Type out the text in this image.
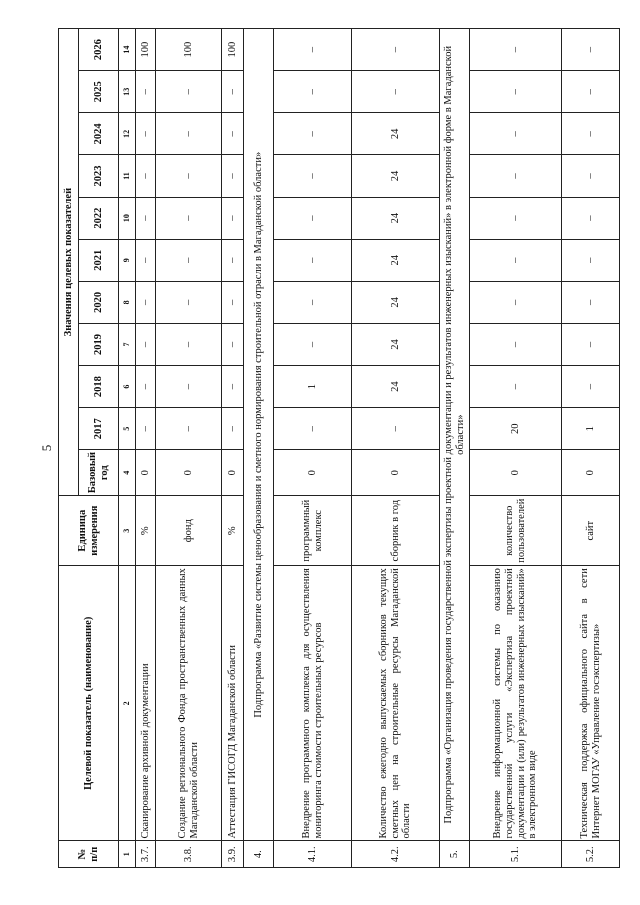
5
№ п/п	Целевой показатель (наименование)	Единица измерения	Значения целевых показателей										
			Базовый год	2017	2018	2019	2020	2021	2022	2023	2024	2025	2026
1	2	3	4	5	6	7	8	9	10	11	12	13	14
3.7.	Сканирование архивной документации	%	0	–	–	–	–	–	–	–	–	–	100
3.8.	Создание регионального Фонда пространственных данных Магаданской области	фонд	0	–	–	–	–	–	–	–	–	–	100
3.9.	Аттестация ГИСОГД Магаданской области	%	0	–	–	–	–	–	–	–	–	–	100
4.	Подпрограмма «Развитие системы ценообразования и сметного нормирования строительной отрасли в Магаданской области»												
4.1.	Внедрение программного комплекса для осуществления мониторинга стоимости строительных ресурсов	программный комплекс	0	–	1	–	–	–	–	–	–	–	–
4.2.	Количество ежегодно выпускаемых сборников текущих сметных цен на строительные ресурсы Магаданской области	сборник в год	0	–	24	24	24	24	24	24	24	–	–
5.	Подпрограмма «Организация проведения государственной экспертизы проектной документации и результатов инженерных изысканий» в электронной форме в Магаданской области»												
5.1.	Внедрение информационной системы по оказанию государственной услуги «Экспертиза проектной документации и (или) результатов инженерных изысканий» в электронном виде	количество пользователей	0	20	–	–	–	–	–	–	–	–	–
5.2.	Техническая поддержка официального сайта в сети Интернет МОГАУ «Управление госэкспертизы»	сайт	0	1	–	–	–	–	–	–	–	–	–
